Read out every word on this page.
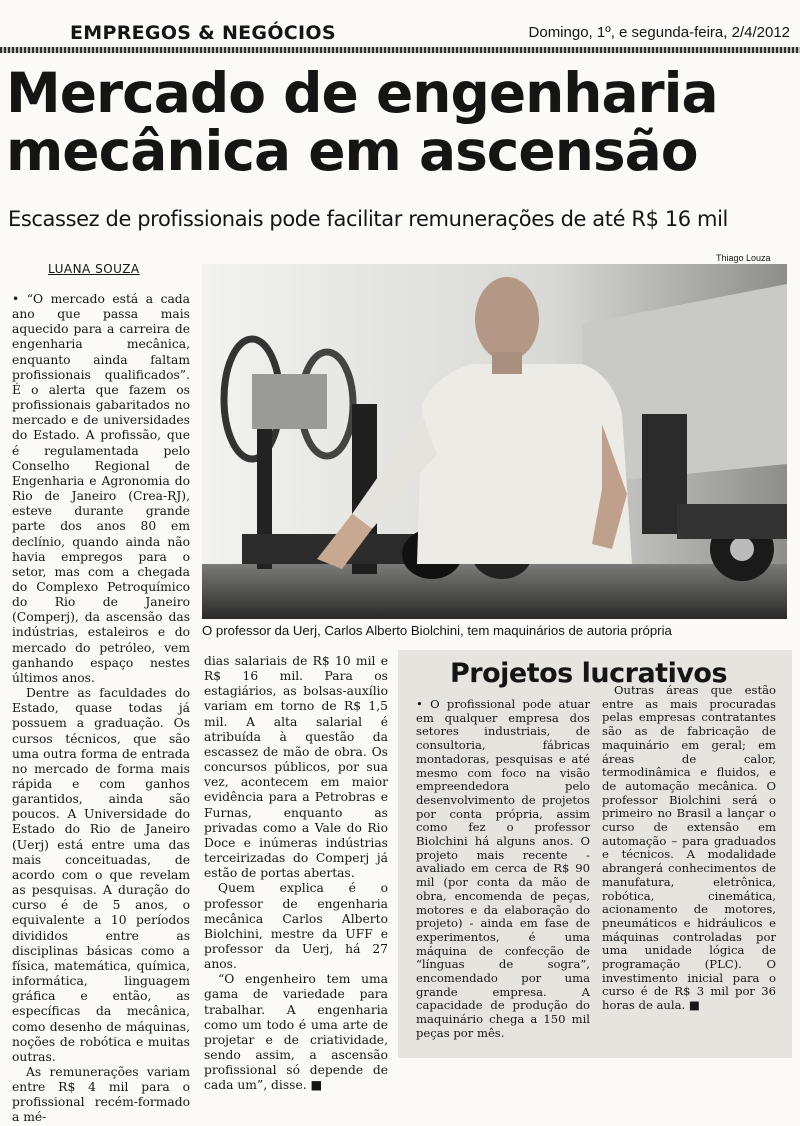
EMPREGOS & NEGÓCIOS	Domingo, 1º, e segunda-feira, 2/4/2012
Mercado de engenharia
mecânica em ascensão
Escassez de profissionais pode facilitar remunerações de até R$ 16 mil
LUANA SOUZA
Thiago Louza
O professor da Uerj, Carlos Alberto Biolchini, tem maquinários de autoria própria

• “O mercado está a cada ano que passa mais aquecido para a carreira de engenharia mecânica, enquanto ainda faltam profissionais qualificados”. É o alerta que fazem os profissionais gabaritados no mercado e de universidades do Estado. A profissão, que é regulamentada pelo Conselho Regional de Engenharia e Agronomia do Rio de Janeiro (Crea-RJ), esteve durante grande parte dos anos 80 em declínio, quando ainda não havia empregos para o setor, mas com a chegada do Complexo Petroquímico do Rio de Janeiro (Comperj), da ascensão das indústrias, estaleiros e do mercado do petróleo, vem ganhando espaço nestes últimos anos.

Dentre as faculdades do Estado, quase todas já possuem a graduação. Os cursos técnicos, que são uma outra forma de entrada no mercado de forma mais rápida e com ganhos garantidos, ainda são poucos. A Universidade do Estado do Rio de Janeiro (Uerj) está entre uma das mais conceituadas, de acordo com o que revelam as pesquisas. A duração do curso é de 5 anos, o equivalente a 10 períodos divididos entre as disciplinas básicas como a física, matemática, química, informática, linguagem gráfica e então, as específicas da mecânica, como desenho de máquinas, noções de robótica e muitas outras.

As remunerações variam entre R$ 4 mil para o profissional recém-formado a mé-

dias salariais de R$ 10 mil e R$ 16 mil. Para os estagiários, as bolsas-auxílio variam em torno de R$ 1,5 mil. A alta salarial é atribuída à questão da escassez de mão de obra. Os concursos públicos, por sua vez, acontecem em maior evidência para a Petrobras e Furnas, enquanto as privadas como a Vale do Rio Doce e inúmeras indústrias terceirizadas do Comperj já estão de portas abertas.

Quem explica é o professor de engenharia mecânica Carlos Alberto Biolchini, mestre da UFF e professor da Uerj, há 27 anos.

“O engenheiro tem uma gama de variedade para trabalhar. A engenharia como um todo é uma arte de projetar e de criatividade, sendo assim, a ascensão profissional só depende de cada um”, disse. ■

Projetos lucrativos

• O profissional pode atuar em qualquer empresa dos setores industriais, de consultoria, fábricas montadoras, pesquisas e até mesmo com foco na visão empreendedora pelo desenvolvimento de projetos por conta própria, assim como fez o professor Biolchini há alguns anos. O projeto mais recente - avaliado em cerca de R$ 90 mil (por conta da mão de obra, encomenda de peças, motores e da elaboração do projeto) - ainda em fase de experimentos, é uma máquina de confecção de “línguas de sogra”, encomendado por uma grande empresa. A capacidade de produção do maquinário chega a 150 mil peças por mês.

Outras áreas que estão entre as mais procuradas pelas empresas contratantes são as de fabricação de maquinário em geral; em áreas de calor, termodinâmica e fluidos, e de automação mecânica. O professor Biolchini será o primeiro no Brasil a lançar o curso de extensão em automação – para graduados e técnicos. A modalidade abrangerá conhecimentos de manufatura, eletrônica, robótica, cinemática, acionamento de motores, pneumáticos e hidráulicos e máquinas controladas por uma unidade lógica de programação (PLC). O investimento inicial para o curso é de R$ 3 mil por 36 horas de aula. ■
